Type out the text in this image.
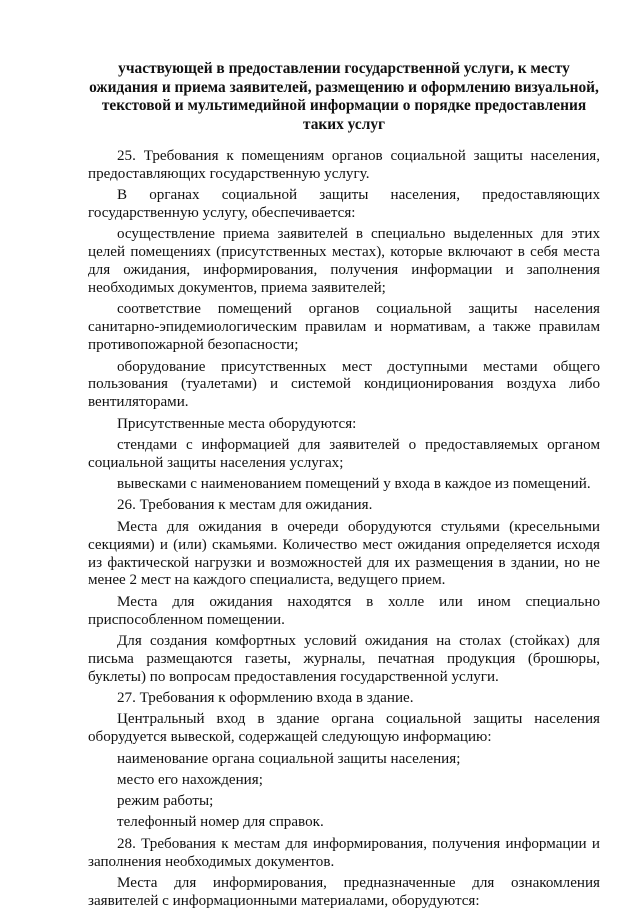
участвующей в предоставлении государственной услуги, к месту
ожидания и приема заявителей, размещению и оформлению визуальной,
текстовой и мультимедийной информации о порядке предоставления
таких услуг

25. Требования к помещениям органов социальной защиты населения, предоставляющих государственную услугу.

В органах социальной защиты населения, предоставляющих государственную услугу, обеспечивается:

осуществление приема заявителей в специально выделенных для этих целей помещениях (присутственных местах), которые включают в себя места для ожидания, информирования, получения информации и заполнения необходимых документов, приема заявителей;

соответствие помещений органов социальной защиты населения санитарно-эпидемиологическим правилам и нормативам, а также правилам противопожарной безопасности;

оборудование присутственных мест доступными местами общего пользования (туалетами) и системой кондиционирования воздуха либо вентиляторами.

Присутственные места оборудуются:

стендами с информацией для заявителей о предоставляемых органом социальной защиты населения услугах;

вывесками с наименованием помещений у входа в каждое из помещений.

26. Требования к местам для ожидания.

Места для ожидания в очереди оборудуются стульями (кресельными секциями) и (или) скамьями. Количество мест ожидания определяется исходя из фактической нагрузки и возможностей для их размещения в здании, но не менее 2 мест на каждого специалиста, ведущего прием.

Места для ожидания находятся в холле или ином специально приспособленном помещении.

Для создания комфортных условий ожидания на столах (стойках) для письма размещаются газеты, журналы, печатная продукция (брошюры, буклеты) по вопросам предоставления государственной услуги.

27. Требования к оформлению входа в здание.

Центральный вход в здание органа социальной защиты населения оборудуется вывеской, содержащей следующую информацию:

наименование органа социальной защиты населения;

место его нахождения;

режим работы;

телефонный номер для справок.

28. Требования к местам для информирования, получения информации и заполнения необходимых документов.

Места для информирования, предназначенные для ознакомления заявителей с информационными материалами, оборудуются:
